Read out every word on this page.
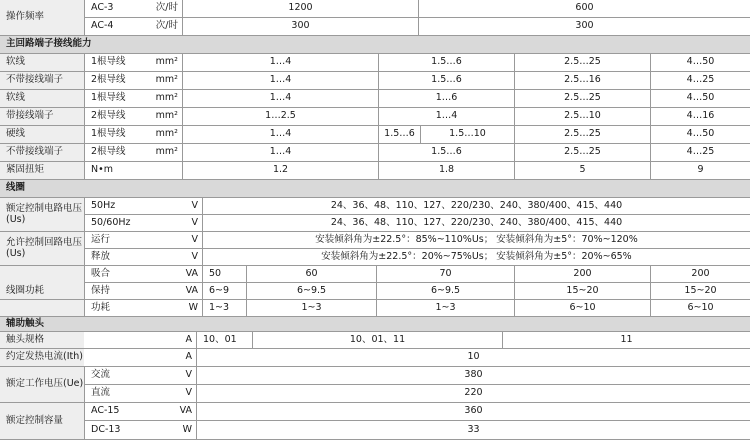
操作频率
AC-3	次/时	1200	600
AC-4	次/时	300	300
主回路端子接线能力
软线	1根导线	mm²	1…4	1.5…6	2.5…25	4…50
不带接线端子	2根导线	mm²	1…4	1.5…6	2.5…16	4…25
软线	1根导线	mm²	1…4	1…6	2.5…25	4…50
带接线端子	2根导线	mm²	1…2.5	1…4	2.5…10	4…16
硬线	1根导线	mm²	1…4	1.5…6	1.5…10	2.5…25	4…50
不带接线端子	2根导线	mm²	1…4	1.5…6	2.5…25	4…25
紧固扭矩	N•m	1.2	1.8	5	9
线圈
额定控制电路电压(Us)
50Hz	V	24、36、48、110、127、220/230、240、380/400、415、440
50/60Hz	V	24、36、48、110、127、220/230、240、380/400、415、440
允许控制回路电压(Us)
运行	V	安装倾斜角为±22.5°：85%~110%Us； 安装倾斜角为±5°：70%~120%
释放	V	安装倾斜角为±22.5°：20%~75%Us； 安装倾斜角为±5°：20%~65%
线圈功耗
吸合	VA	50	60	70	200	200
保持	VA	6~9	6~9.5	6~9.5	15~20	15~20
功耗	W	1~3	1~3	1~3	6~10	6~10
辅助触头
触头规格	A	10、01	10、01、11	11
约定发热电流(Ith)	A	10
额定工作电压(Ue)
交流	V	380
直流	V	220
额定控制容量
AC-15	VA	360
DC-13	W	33
